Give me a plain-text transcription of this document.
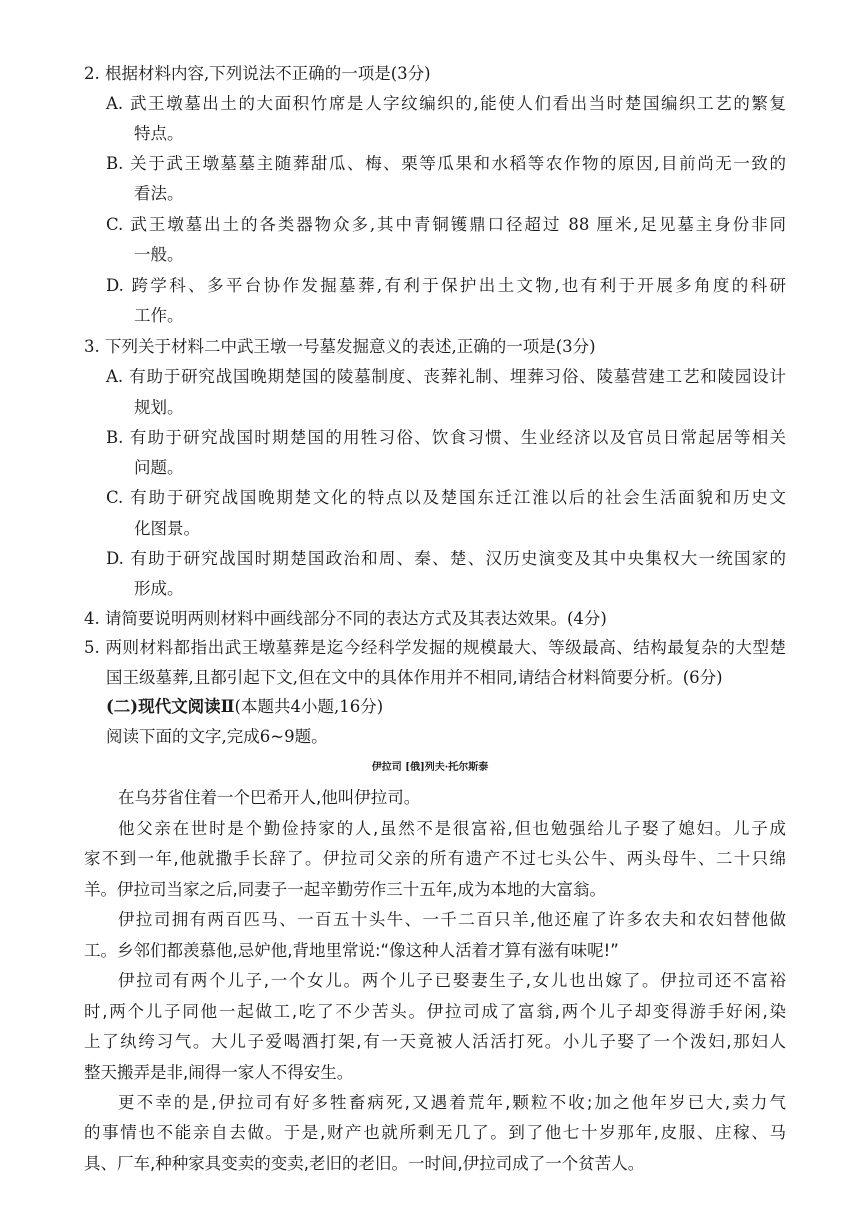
2. 根据材料内容,下列说法不正确的一项是(3分)
A. 武王墩墓出土的大面积竹席是人字纹编织的,能使人们看出当时楚国编织工艺的繁复
特点。
B. 关于武王墩墓墓主随葬甜瓜、梅、栗等瓜果和水稻等农作物的原因,目前尚无一致的
看法。
C. 武王墩墓出土的各类器物众多,其中青铜镬鼎口径超过 88 厘米,足见墓主身份非同
一般。
D. 跨学科、多平台协作发掘墓葬,有利于保护出土文物,也有利于开展多角度的科研
工作。
3. 下列关于材料二中武王墩一号墓发掘意义的表述,正确的一项是(3分)
A. 有助于研究战国晚期楚国的陵墓制度、丧葬礼制、埋葬习俗、陵墓营建工艺和陵园设计
规划。
B. 有助于研究战国时期楚国的用牲习俗、饮食习惯、生业经济以及官员日常起居等相关
问题。
C. 有助于研究战国晚期楚文化的特点以及楚国东迁江淮以后的社会生活面貌和历史文
化图景。
D. 有助于研究战国时期楚国政治和周、秦、楚、汉历史演变及其中央集权大一统国家的
形成。
4. 请简要说明两则材料中画线部分不同的表达方式及其表达效果。(4分)
5. 两则材料都指出武王墩墓葬是迄今经科学发掘的规模最大、等级最高、结构最复杂的大型楚
国王级墓葬,且都引起下文,但在文中的具体作用并不相同,请结合材料简要分析。(6分)
(二)现代文阅读Ⅱ(本题共4小题,16分)
阅读下面的文字,完成6~9题。
伊拉司 [俄]列夫·托尔斯泰
在乌芬省住着一个巴希开人,他叫伊拉司。
他父亲在世时是个勤俭持家的人,虽然不是很富裕,但也勉强给儿子娶了媳妇。儿子成
家不到一年,他就撒手长辞了。伊拉司父亲的所有遗产不过七头公牛、两头母牛、二十只绵
羊。伊拉司当家之后,同妻子一起辛勤劳作三十五年,成为本地的大富翁。
伊拉司拥有两百匹马、一百五十头牛、一千二百只羊,他还雇了许多农夫和农妇替他做
工。乡邻们都羡慕他,忌妒他,背地里常说:“像这种人活着才算有滋有味呢!”
伊拉司有两个儿子,一个女儿。两个儿子已娶妻生子,女儿也出嫁了。伊拉司还不富裕
时,两个儿子同他一起做工,吃了不少苦头。伊拉司成了富翁,两个儿子却变得游手好闲,染
上了纨绔习气。大儿子爱喝酒打架,有一天竟被人活活打死。小儿子娶了一个泼妇,那妇人
整天搬弄是非,闹得一家人不得安生。
更不幸的是,伊拉司有好多牲畜病死,又遇着荒年,颗粒不收;加之他年岁已大,卖力气
的事情也不能亲自去做。于是,财产也就所剩无几了。到了他七十岁那年,皮服、庄稼、马
具、厂车,种种家具变卖的变卖,老旧的老旧。一时间,伊拉司成了一个贫苦人。
